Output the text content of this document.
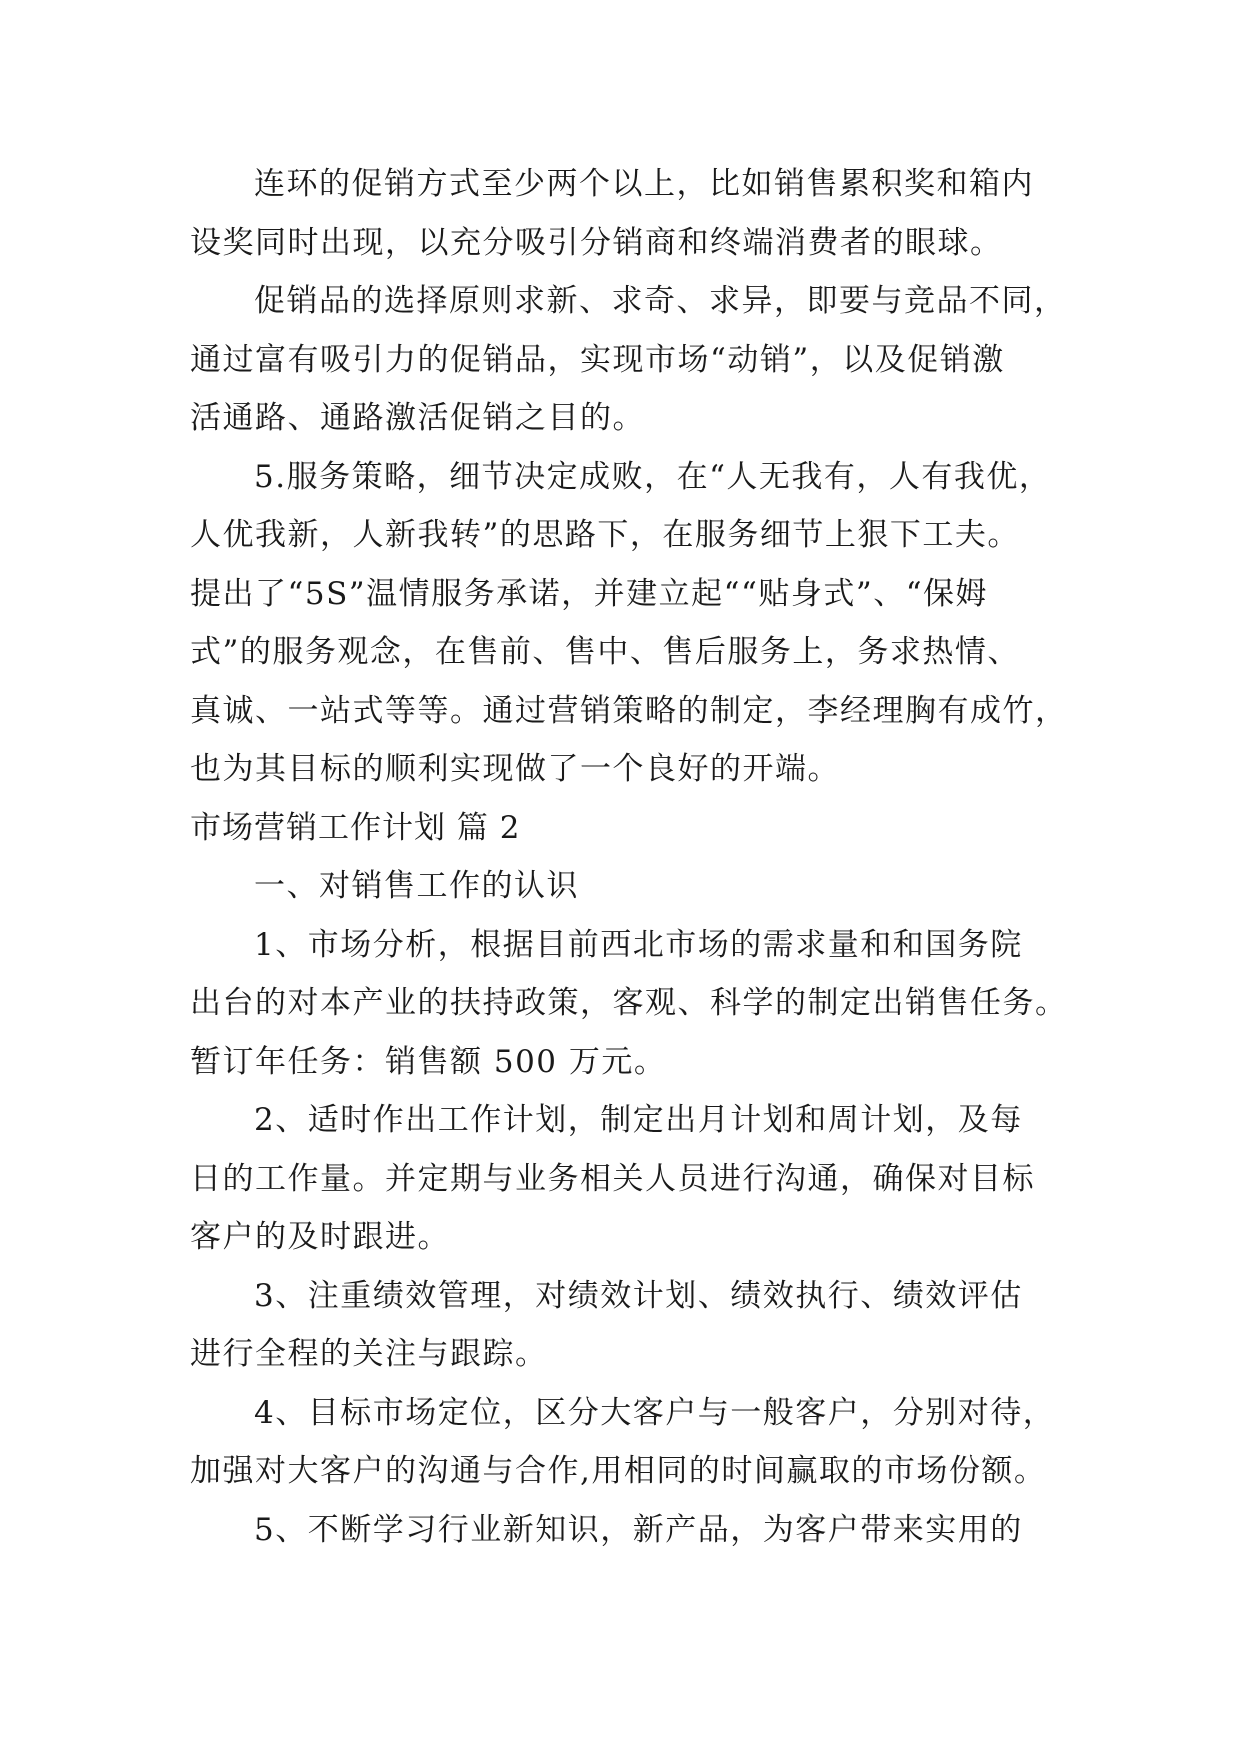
连环的促销方式至少两个以上，比如销售累积奖和箱内
设奖同时出现，以充分吸引分销商和终端消费者的眼球。
促销品的选择原则求新、求奇、求异，即要与竞品不同，
通过富有吸引力的促销品，实现市场“动销”，以及促销激
活通路、通路激活促销之目的。
5.服务策略，细节决定成败，在“人无我有，人有我优，
人优我新，人新我转”的思路下，在服务细节上狠下工夫。
提出了“5S”温情服务承诺，并建立起““贴身式”、“保姆
式”的服务观念，在售前、售中、售后服务上，务求热情、
真诚、一站式等等。通过营销策略的制定，李经理胸有成竹，
也为其目标的顺利实现做了一个良好的开端。
市场营销工作计划 篇 2
一、对销售工作的认识
1、市场分析，根据目前西北市场的需求量和和国务院
出台的对本产业的扶持政策，客观、科学的制定出销售任务。
暂订年任务：销售额 500 万元。
2、适时作出工作计划，制定出月计划和周计划，及每
日的工作量。并定期与业务相关人员进行沟通，确保对目标
客户的及时跟进。
3、注重绩效管理，对绩效计划、绩效执行、绩效评估
进行全程的关注与跟踪。
4、目标市场定位，区分大客户与一般客户，分别对待，
加强对大客户的沟通与合作,用相同的时间赢取的市场份额。
5、不断学习行业新知识，新产品，为客户带来实用的
